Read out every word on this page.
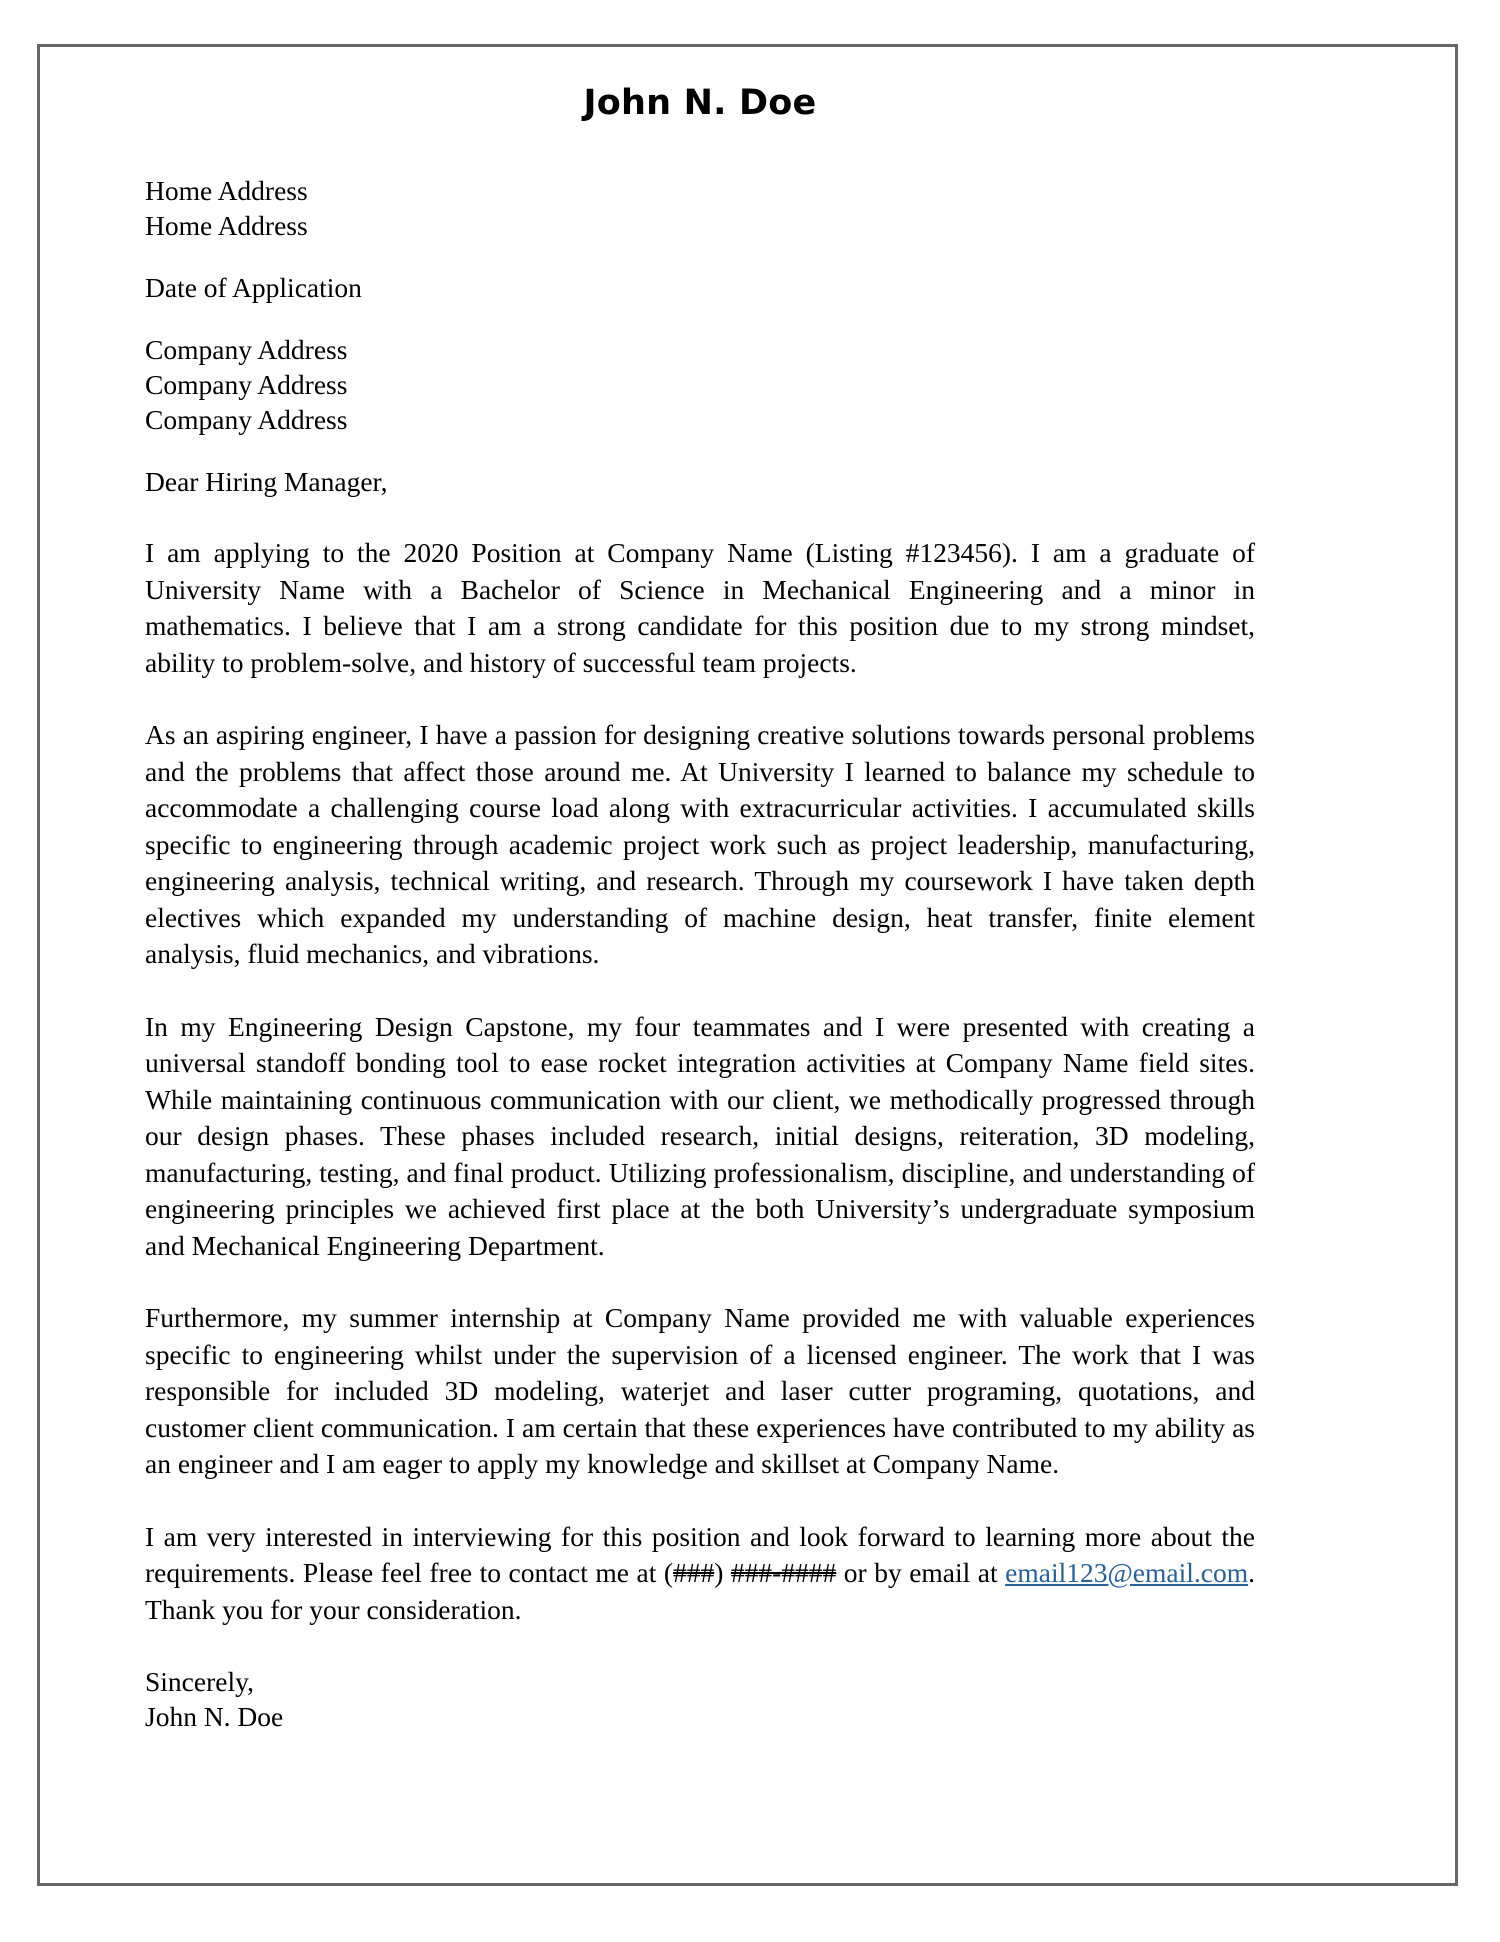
John N. Doe
Home Address
Home Address
Date of Application
Company Address
Company Address
Company Address
Dear Hiring Manager,

I am applying to the 2020 Position at Company Name (Listing #123456). I am a graduate of University Name with a Bachelor of Science in Mechanical Engineering and a minor in mathematics. I believe that I am a strong candidate for this position due to my strong mindset, ability to problem-solve, and history of successful team projects.

As an aspiring engineer, I have a passion for designing creative solutions towards personal problems and the problems that affect those around me. At University I learned to balance my schedule to accommodate a challenging course load along with extracurricular activities. I accumulated skills specific to engineering through academic project work such as project leadership, manufacturing, engineering analysis, technical writing, and research. Through my coursework I have taken depth electives which expanded my understanding of machine design, heat transfer, finite element analysis, fluid mechanics, and vibrations.

In my Engineering Design Capstone, my four teammates and I were presented with creating a universal standoff bonding tool to ease rocket integration activities at Company Name field sites. While maintaining continuous communication with our client, we methodically progressed through our design phases. These phases included research, initial designs, reiteration, 3D modeling, manufacturing, testing, and final product. Utilizing professionalism, discipline, and understanding of engineering principles we achieved first place at the both University’s undergraduate symposium and Mechanical Engineering Department.

Furthermore, my summer internship at Company Name provided me with valuable experiences specific to engineering whilst under the supervision of a licensed engineer. The work that I was responsible for included 3D modeling, waterjet and laser cutter programing, quotations, and customer client communication. I am certain that these experiences have contributed to my ability as an engineer and I am eager to apply my knowledge and skillset at Company Name.

I am very interested in interviewing for this position and look forward to learning more about the requirements. Please feel free to contact me at (###) ###-#### or by email at email123@email.com. Thank you for your consideration.

Sincerely,
John N. Doe
